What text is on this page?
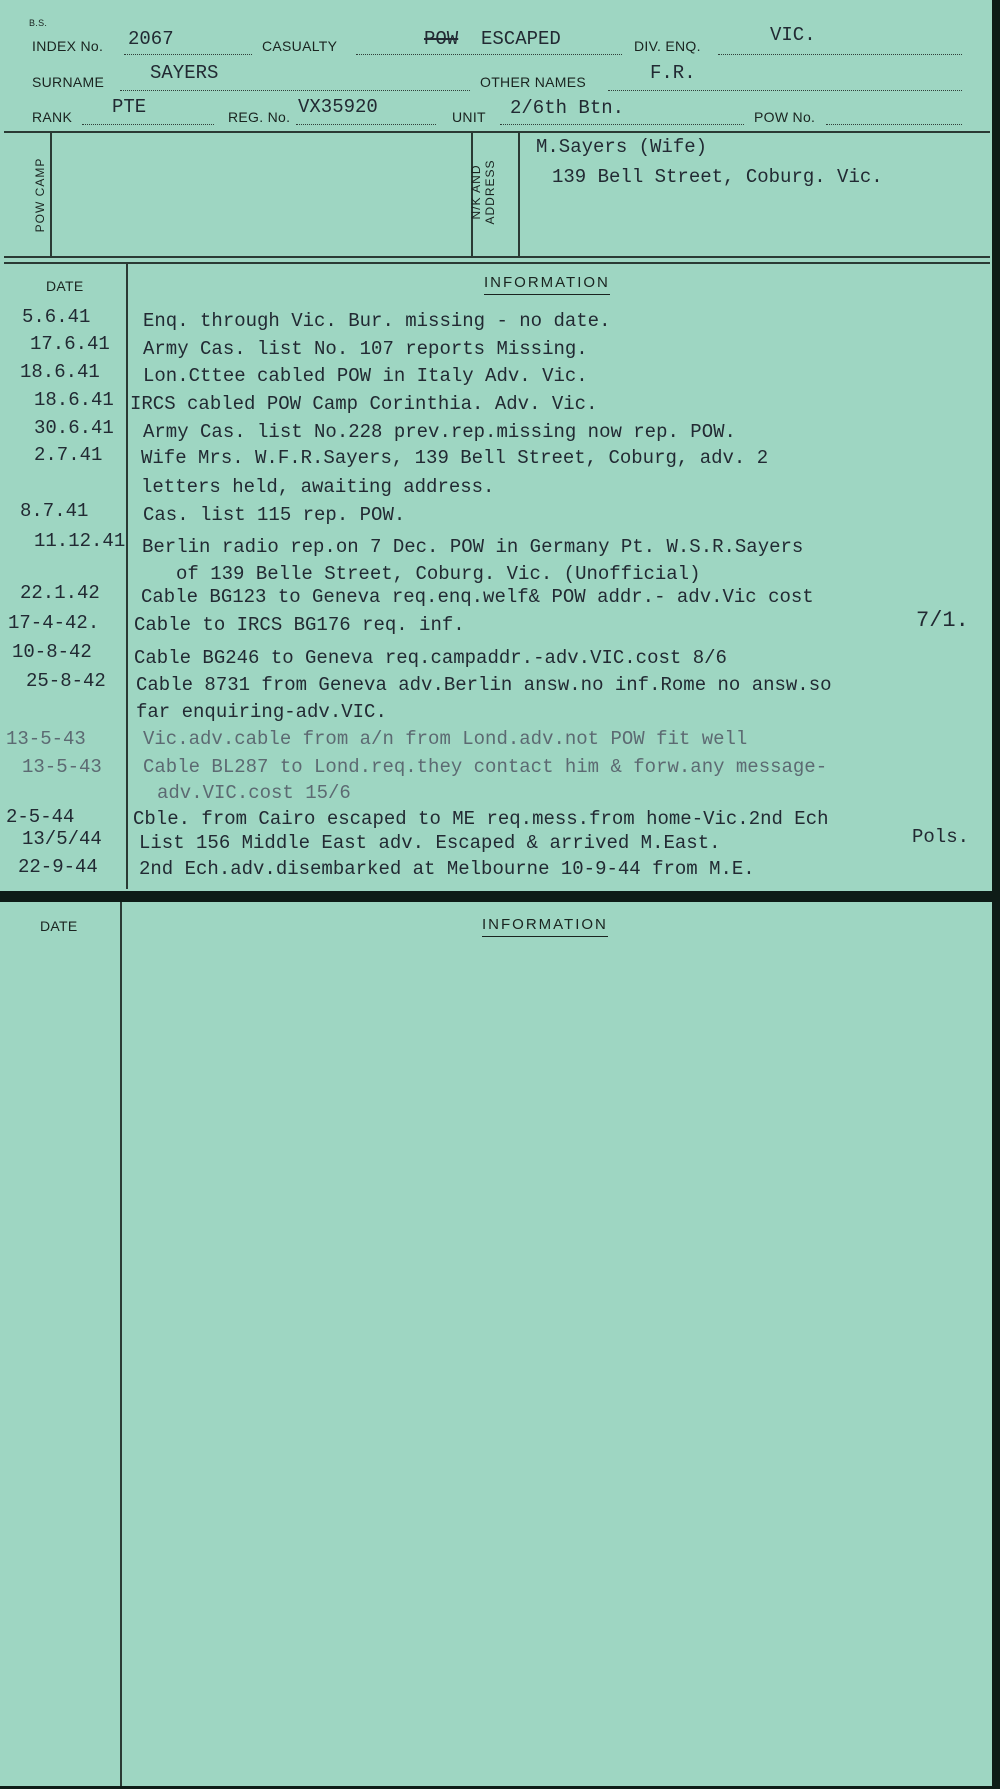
B.S.
INDEX No. 2067	CASUALTY	POW ESCAPED	DIV. ENQ.	VIC.
SURNAME SAYERS	OTHER NAMES	F.R.
RANK PTE	REG. No. VX35920	UNIT 2/6th Btn.	POW No.
POW CAMP	N/K AND
ADDRESS
M.Sayers (Wife)
139 Bell Street, Coburg. Vic.
DATE	INFORMATION
5.6.41	Enq. through Vic. Bur. missing - no date.
17.6.41 Army Cas. list No. 107 reports Missing.
18.6.41 Lon.Cttee cabled POW in Italy Adv. Vic.
18.6.41 IRCS cabled POW Camp Corinthia. Adv. Vic.
30.6.41 Army Cas. list No.228 prev.rep.missing now rep. POW.
2.7.41 Wife Mrs. W.F.R.Sayers, 139 Bell Street, Coburg, adv. 2
letters held, awaiting address.
8.7.41	Cas. list 115 rep. POW.
11.12.41 Berlin radio rep.on 7 Dec. POW in Germany Pt. W.S.R.Sayers
of 139 Belle Street, Coburg. Vic. (Unofficial)
22.1.42 Cable BG123 to Geneva req.enq.welf& POW addr.- adv.Vic cost
7/1.
17-4-42. Cable to IRCS BG176 req. inf.
10-8-42 Cable BG246 to Geneva req.campaddr.-adv.VIC.cost 8/6
25-8-42 Cable 8731 from Geneva adv.Berlin answ.no inf.Rome no answ.so
far enquiring-adv.VIC.
13-5-43	Vic.adv.cable from a/n from Lond.adv.not POW fit well
13-5-43 Cable BL287 to Lond.req.they contact him & forw.any message-
adv.VIC.cost 15/6
2-5-44	Cble. from Cairo escaped to ME req.mess.from home-Vic.2nd Ech
Pols.
13/5/44 List 156 Middle East adv. Escaped & arrived M.East.
22-9-44 2nd Ech.adv.disembarked at Melbourne 10-9-44 from M.E.
DATE	INFORMATION
